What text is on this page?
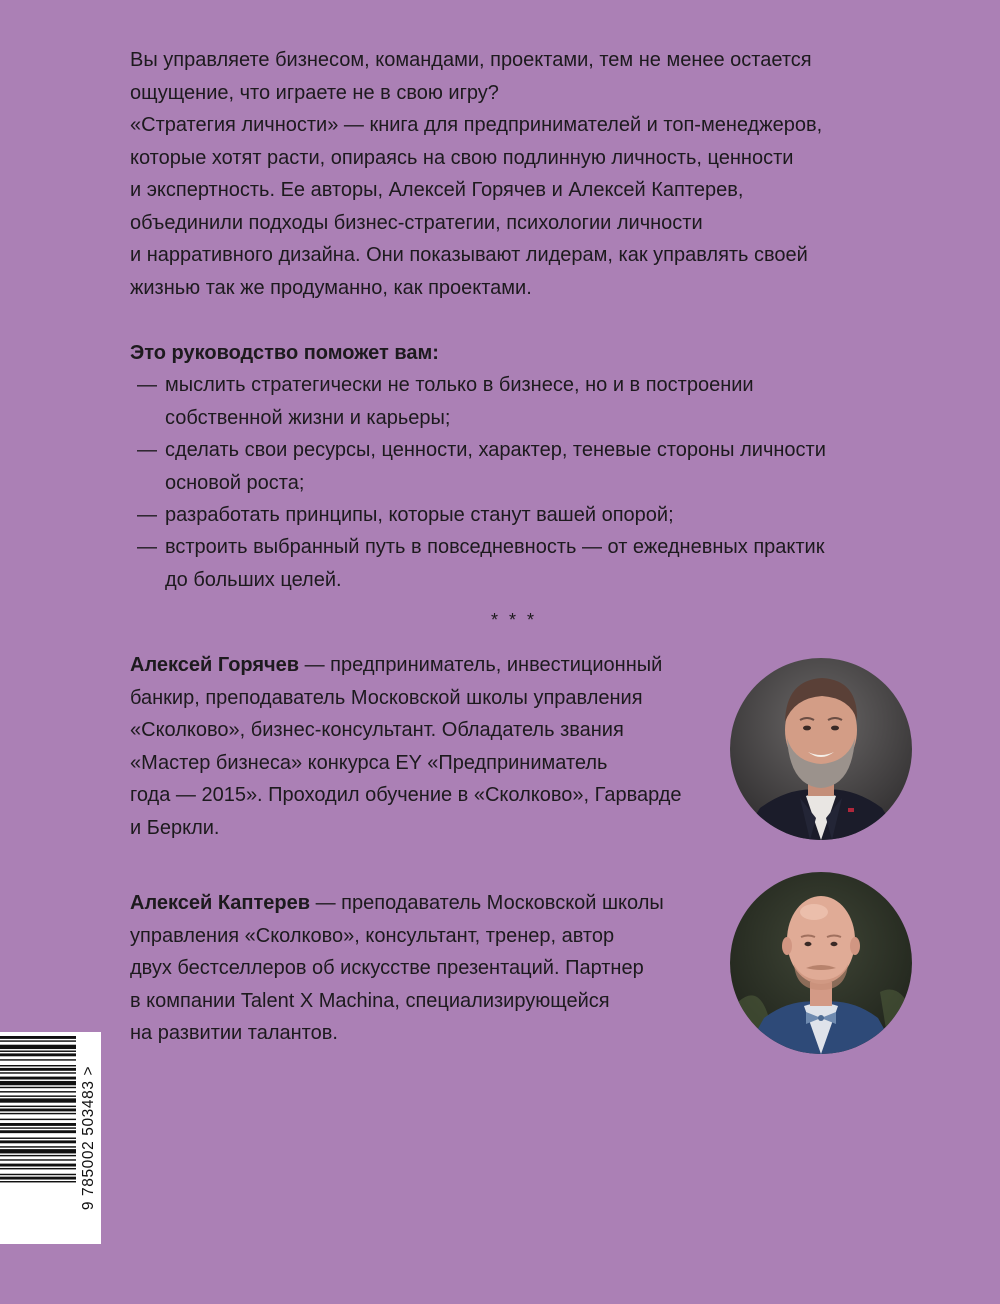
Вы управляете бизнесом, командами, проектами, тем не менее остается
ощущение, что играете не в свою игру?
«Стратегия личности» — книга для предпринимателей и топ-менеджеров,
которые хотят расти, опираясь на свою подлинную личность, ценности
и экспертность. Ее авторы, Алексей Горячев и Алексей Каптерев,
объединили подходы бизнес-стратегии, психологии личности
и нарративного дизайна. Они показывают лидерам, как управлять своей
жизнью так же продуманно, как проектами.
Это руководство поможет вам:
— мыслить стратегически не только в бизнесе, но и в построении
собственной жизни и карьеры;
— сделать свои ресурсы, ценности, характер, теневые стороны личности
основой роста;
— разработать принципы, которые станут вашей опорой;
— встроить выбранный путь в повседневность — от ежедневных практик
до больших целей.
* * *
Алексей Горячев — предприниматель, инвестиционный
банкир, преподаватель Московской школы управления
«Сколково», бизнес-консультант. Обладатель звания
«Мастер бизнеса» конкурса EY «Предприниматель
года — 2015». Проходил обучение в «Сколково», Гарварде
и Беркли.
Алексей Каптерев — преподаватель Московской школы
управления «Сколково», консультант, тренер, автор
двух бестселлеров об искусстве презентаций. Партнер
в компании Talent X Machina, специализирующейся
на развитии талантов.
9 785002 503483 >
